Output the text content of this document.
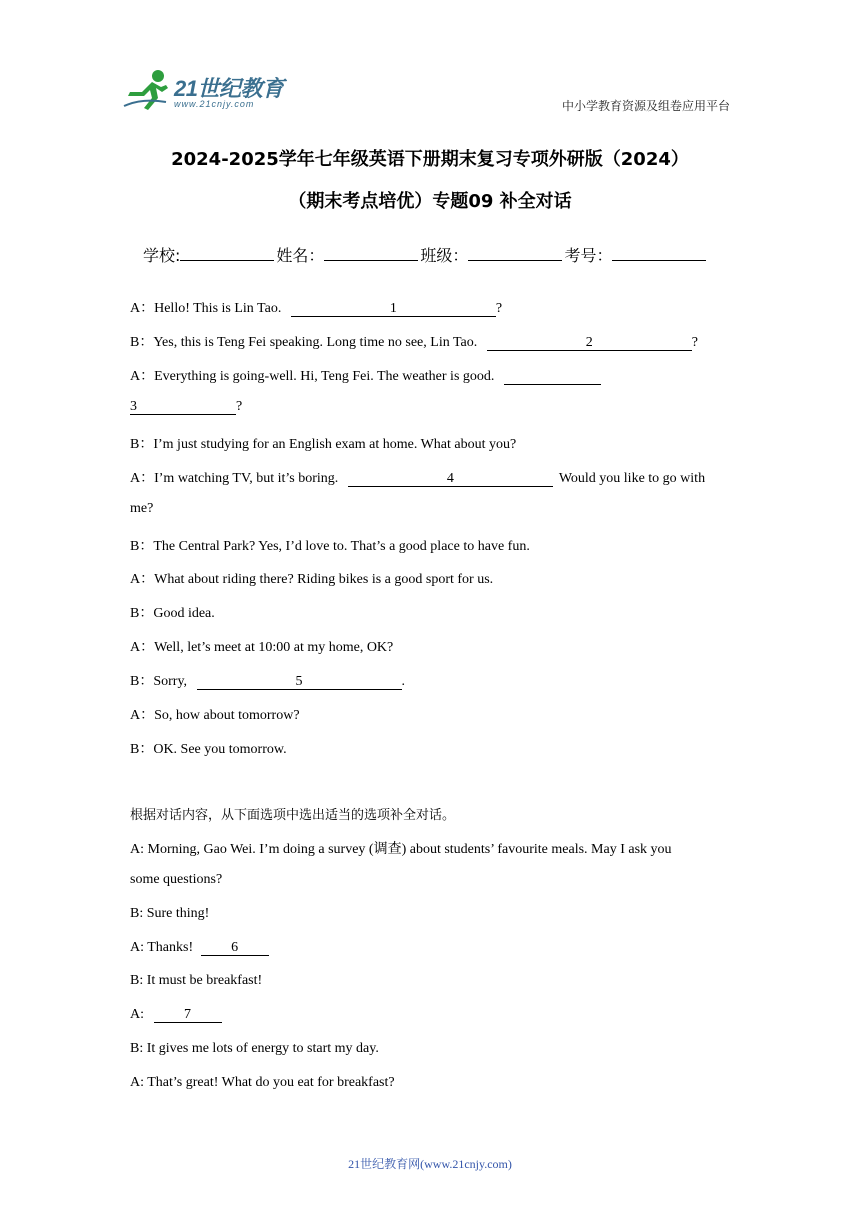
21世纪教育
www.21cnjy.com	中小学教育资源及组卷应用平台
2024-2025学年七年级英语下册期末复习专项外研版（2024）
（期末考点培优）专题09 补全对话
学校:	姓名：	班级：	考号：
A：Hello! This is Lin Tao.	1	?
B：Yes, this is Teng Fei speaking. Long time no see, Lin Tao.	2	?
A：Everything is going-well. Hi, Teng Fei. The weather is good.
3	?
B：I’m just studying for an English exam at home. What about you?
A：I’m watching TV, but it’s boring.	4	Would you like to go with
me?
B：The Central Park? Yes, I’d love to. That’s a good place to have fun.
A：What about riding there? Riding bikes is a good sport for us.
B：Good idea.
A：Well, let’s meet at 10:00 at my home, OK?
B：Sorry,	5	.
A：So, how about tomorrow?
B：OK. See you tomorrow.
根据对话内容，从下面选项中选出适当的选项补全对话。
A: Morning, Gao Wei. I’m doing a survey (调查) about students’ favourite meals. May I ask you
some questions?
B: Sure thing!
A: Thanks!	6
B: It must be breakfast!
A:	7
B: It gives me lots of energy to start my day.
A: That’s great! What do you eat for breakfast?
21世纪教育网(www.21cnjy.com)
